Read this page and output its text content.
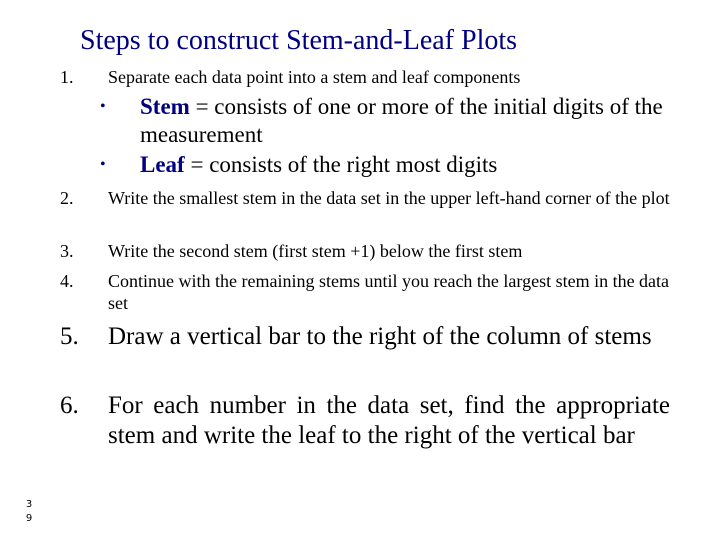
Steps to construct Stem-and-Leaf Plots
1. Separate each data point into a stem and leaf components
• Stem = consists of one or more of the initial digits of the measurement
• Leaf = consists of the right most digits
2. Write the smallest stem in the data set in the upper left-hand corner of the plot
3. Write the second stem (first stem +1) below the first stem
4. Continue with the remaining stems until you reach the largest stem in the data set
5. Draw a vertical bar to the right of the column of stems
6. For each number in the data set, find the appropriate stem and write the leaf to the right of the vertical bar
3
9
